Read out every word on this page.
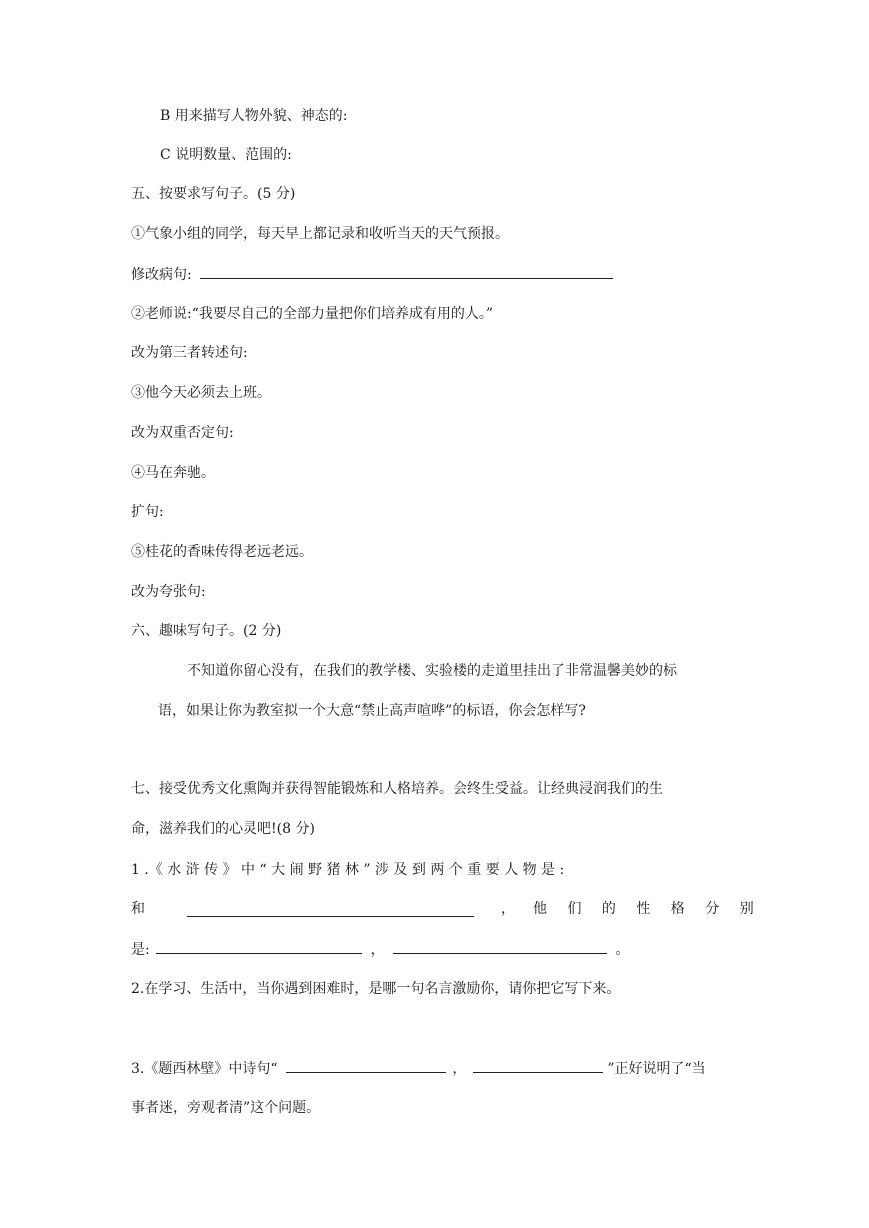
B 用来描写人物外貌、神态的:
C 说明数量、范围的:
五、按要求写句子。(5 分)
①气象小组的同学，每天早上都记录和收听当天的天气预报。
修改病句:
②老师说:“我要尽自己的全部力量把你们培养成有用的人。”
改为第三者转述句:
③他今天必须去上班。
改为双重否定句:
④马在奔驰。
扩句:
⑤桂花的香味传得老远老远。
改为夸张句:
六、趣味写句子。(2 分)
不知道你留心没有，在我们的教学楼、实验楼的走道里挂出了非常温馨美妙的标
语，如果让你为教室拟一个大意“禁止高声喧哗”的标语，你会怎样写?
七、接受优秀文化熏陶并获得智能锻炼和人格培养。会终生受益。让经典浸润我们的生
命，滋养我们的心灵吧!(8 分)
1 .《 水 浒 传 》 中 “ 大 闹 野 猪 林 ” 涉 及 到 两 个 重 要 人 物 是 :
和	， 他 们 的 性 格 分 别
是:	，	。
2.在学习、生活中，当你遇到困难时，是哪一句名言激励你，请你把它写下来。
3.《题西林壁》中诗句“	，	”正好说明了“当
事者迷，旁观者清”这个问题。
